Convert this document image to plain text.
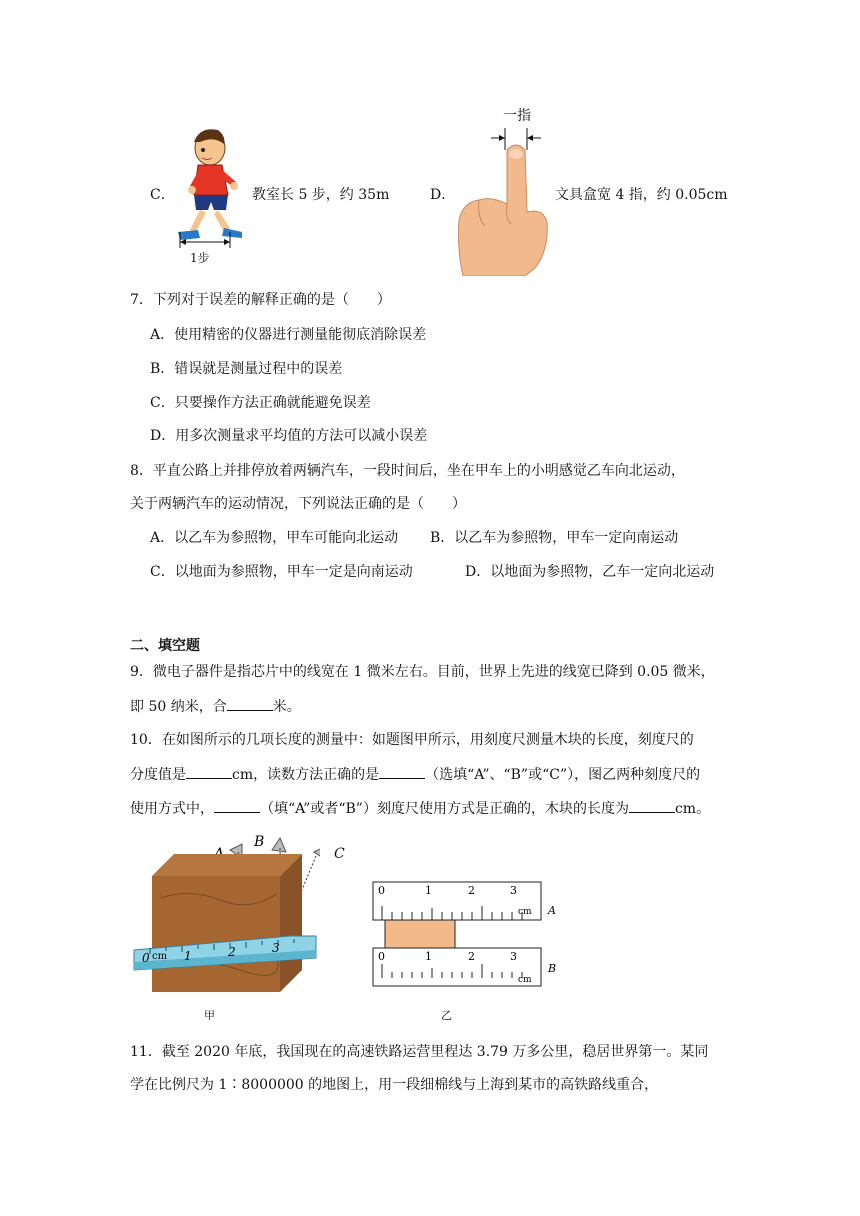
C．
1步
教室长 5 步，约 35m	D．
一指
文具盒宽 4 指，约 0.05cm
7．下列对于误差的解释正确的是（　　）
A．使用精密的仪器进行测量能彻底消除误差
B．错误就是测量过程中的误差
C．只要操作方法正确就能避免误差
D．用多次测量求平均值的方法可以减小误差
8．平直公路上并排停放着两辆汽车，一段时间后，坐在甲车上的小明感觉乙车向北运动，
关于两辆汽车的运动情况，下列说法正确的是（　　）
A．以乙车为参照物，甲车可能向北运动 B．以乙车为参照物，甲车一定向南运动
C．以地面为参照物，甲车一定是向南运动	D．以地面为参照物，乙车一定向北运动
二、填空题
9．微电子器件是指芯片中的线宽在 1 微米左右。目前，世界上先进的线宽已降到 0.05 微米，
即 50 纳米，合	米。
10．在如图所示的几项长度的测量中：如题图甲所示，用刻度尺测量木块的长度，刻度尺的
分度值是	cm，读数方法正确的是	（选填“A”、“B”或“C”），图乙两种刻度尺的
使用方式中，	（填“A”或者“B”）刻度尺使用方式是正确的，木块的长度为	cm。
B
0 cm 1	2	3
甲
0	1	2	3
cm A
0	1	2	3
cm
B
乙
11．截至 2020 年底，我国现在的高速铁路运营里程达 3.79 万多公里，稳居世界第一。某同
学在比例尺为 1∶8000000 的地图上，用一段细棉线与上海到某市的高铁路线重合，
C
